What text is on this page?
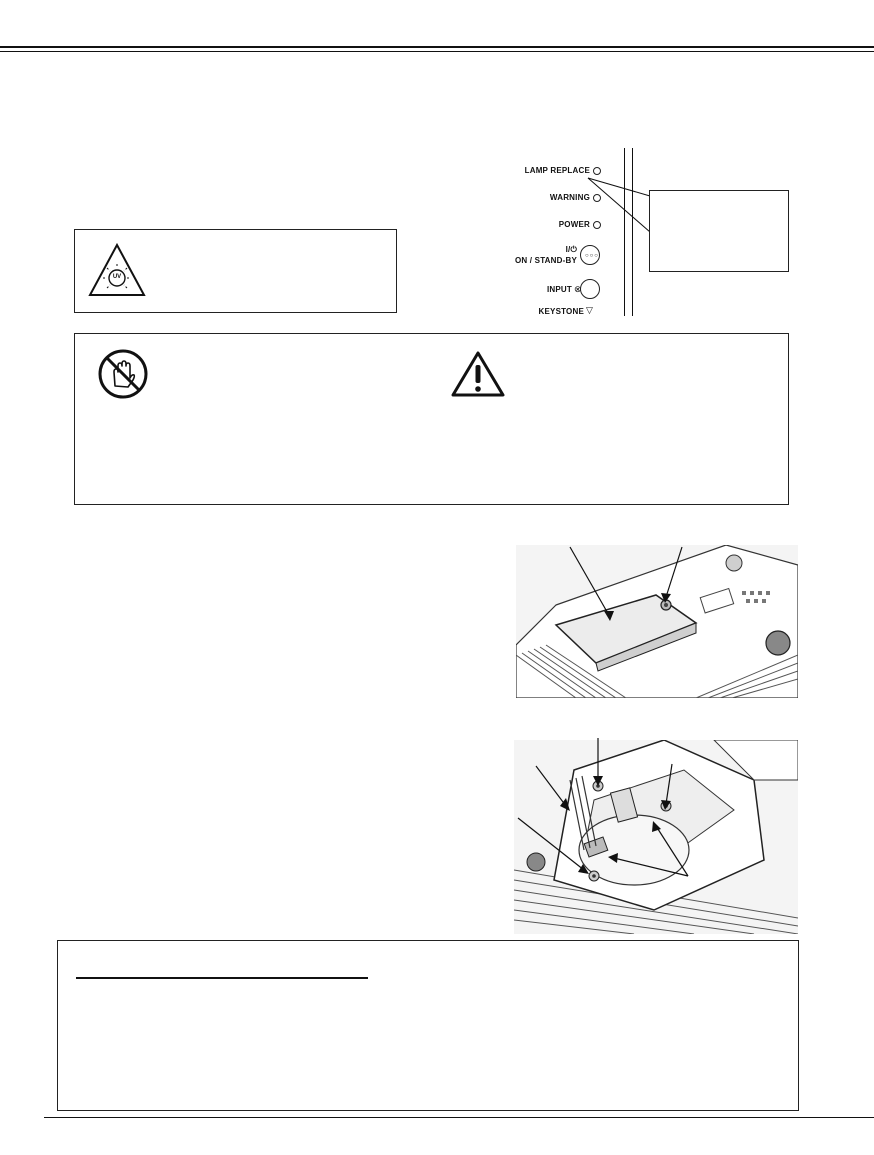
UV
LAMP REPLACE
WARNING
POWER
I/⏻
ON / STAND-BY ○○○
INPUT ⊗
KEYSTONE ▽
